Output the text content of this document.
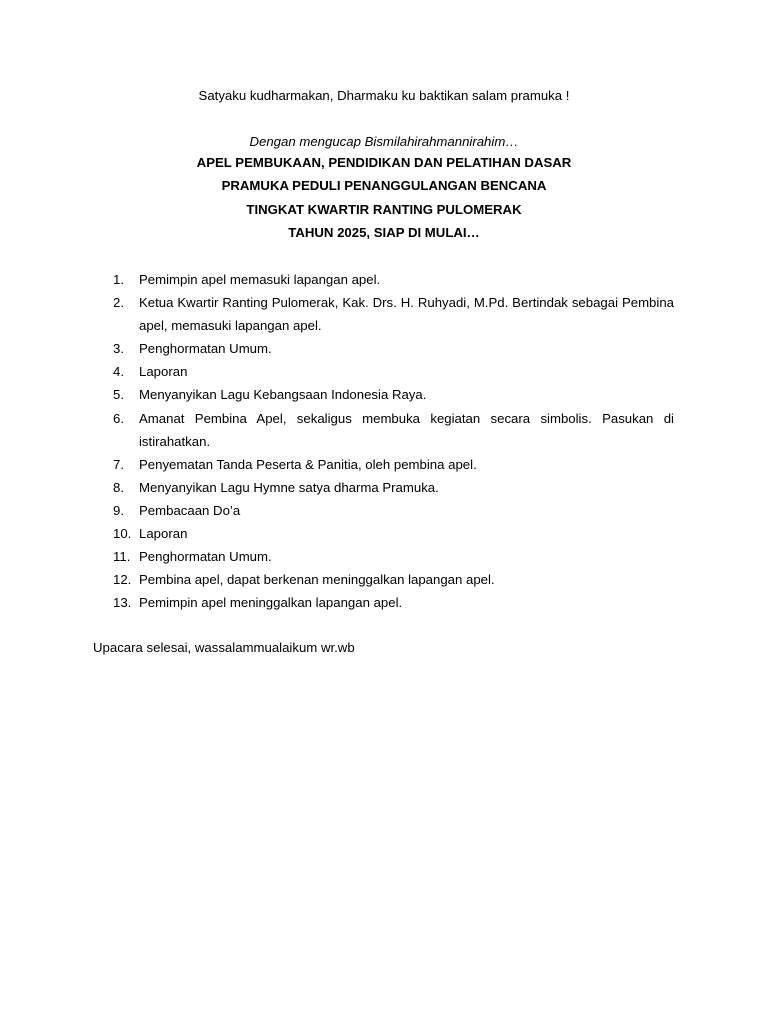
Satyaku kudharmakan, Dharmaku ku baktikan salam pramuka !
Dengan mengucap Bismilahirahmannirahim…
APEL PEMBUKAAN, PENDIDIKAN DAN PELATIHAN DASAR
PRAMUKA PEDULI PENANGGULANGAN BENCANA
TINGKAT KWARTIR RANTING PULOMERAK
TAHUN 2025, SIAP DI MULAI…
1.	Pemimpin apel memasuki lapangan apel.
2.	Ketua Kwartir Ranting Pulomerak, Kak. Drs. H. Ruhyadi, M.Pd. Bertindak sebagai Pembina apel, memasuki lapangan apel.
3.	Penghormatan Umum.
4.	Laporan
5.	Menyanyikan Lagu Kebangsaan Indonesia Raya.
6.	Amanat Pembina Apel, sekaligus membuka kegiatan secara simbolis. Pasukan di istirahatkan.
7.	Penyematan Tanda Peserta & Panitia, oleh pembina apel.
8.	Menyanyikan Lagu Hymne satya dharma Pramuka.
9.	Pembacaan Do’a
10. Laporan
11. Penghormatan Umum.
12. Pembina apel, dapat berkenan meninggalkan lapangan apel.
13. Pemimpin apel meninggalkan lapangan apel.
Upacara selesai, wassalammualaikum wr.wb
